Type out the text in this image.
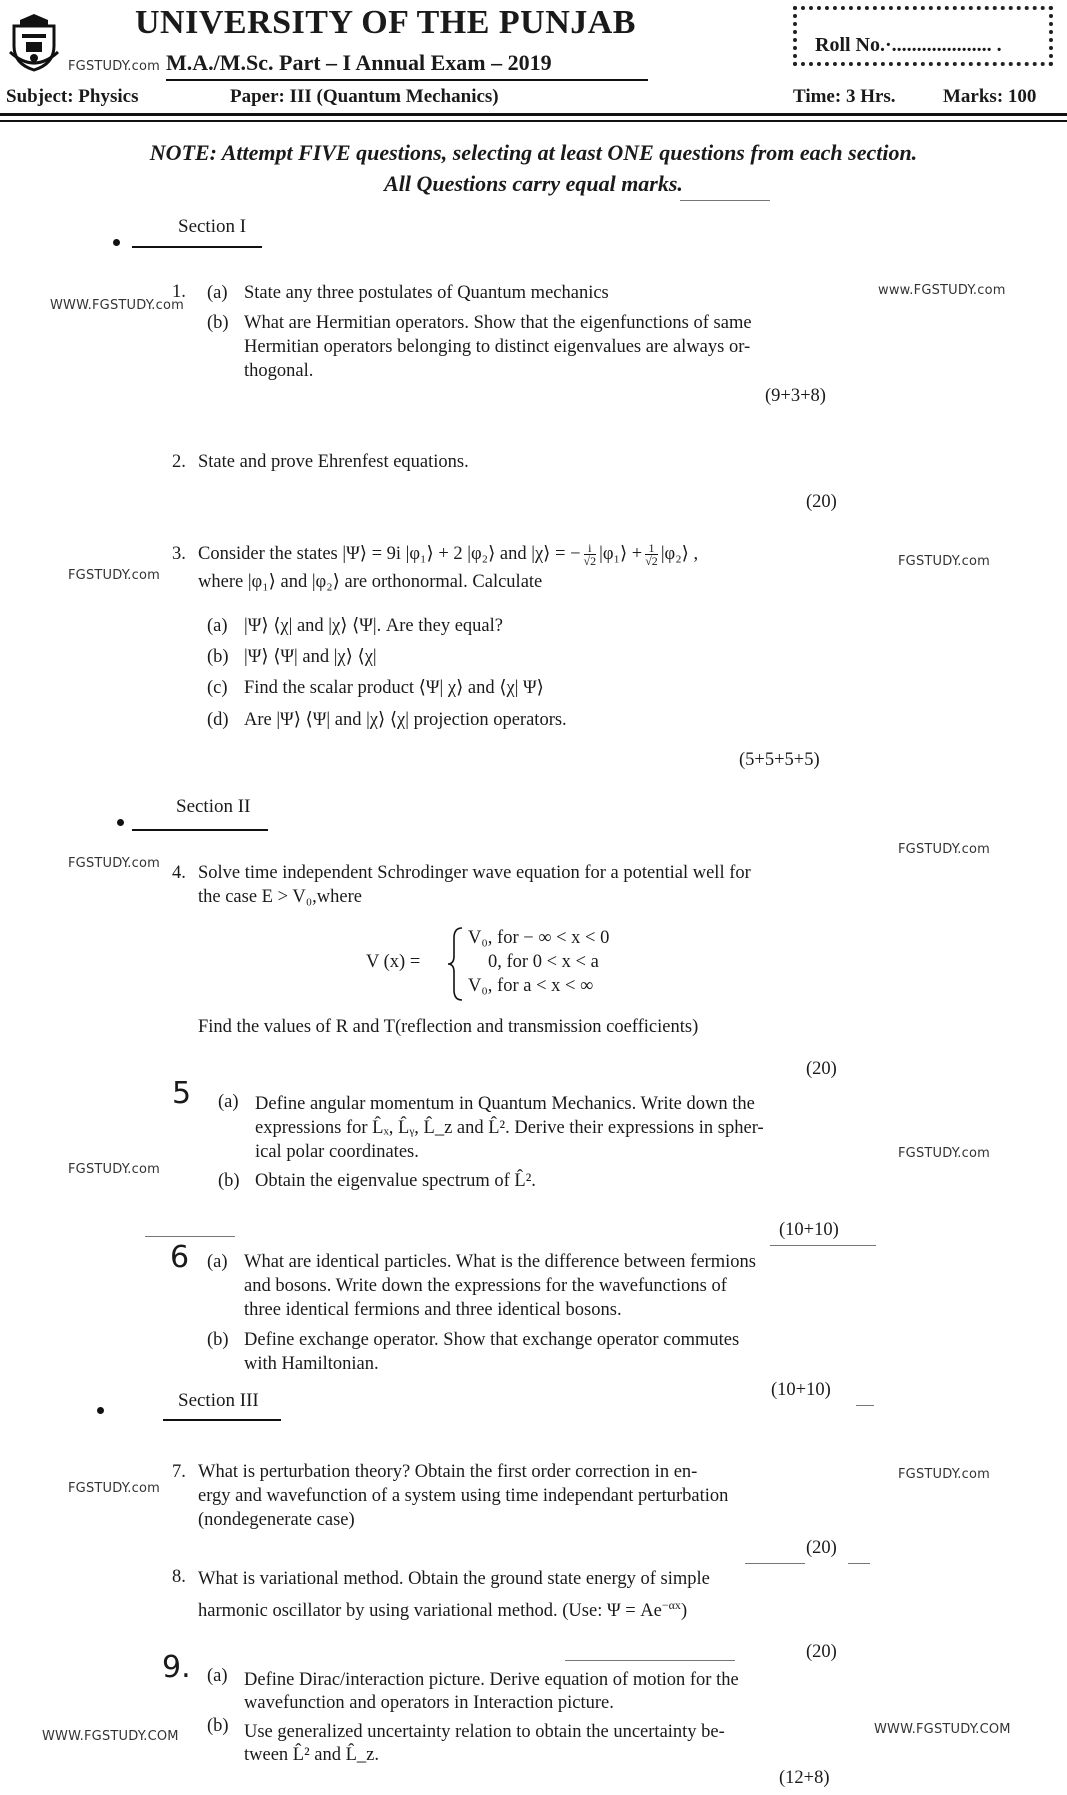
UNIVERSITY OF THE PUNJAB
FGSTUDY.com M.A./M.Sc. Part – I Annual Exam – 2019
Roll No.·.................... .
Subject: Physics	Paper: III (Quantum Mechanics)	Time: 3 Hrs. Marks: 100
NOTE: Attempt FIVE questions, selecting at least ONE questions from each section.
All Questions carry equal marks.
Section I
WWW.FGSTUDY.com
www.FGSTUDY.com
1. (a) State any three postulates of Quantum mechanics
(b) What are Hermitian operators. Show that the eigenfunctions of same
Hermitian operators belonging to distinct eigenvalues are always or-
thogonal.
(9+3+8)
2. State and prove Ehrenfest equations.
(20)
FGSTUDY.com
FGSTUDY.com
3. Consider the states |Ψ⟩ = 9i |φ₁⟩ + 2 |φ₂⟩ and |χ⟩ = − $\frac{i}{√2}$ |φ₁⟩ + $\frac{1}{√2}$ |φ₂⟩ ,
where |φ₁⟩ and |φ₂⟩ are orthonormal. Calculate
(a) |Ψ⟩ ⟨χ| and |χ⟩ ⟨Ψ|. Are they equal?
(b) |Ψ⟩ ⟨Ψ| and |χ⟩ ⟨χ|
(c) Find the scalar product ⟨Ψ| χ⟩ and ⟨χ| Ψ⟩
(d) Are |Ψ⟩ ⟨Ψ| and |χ⟩ ⟨χ| projection operators.
(5+5+5+5)
Section II
FGSTUDY.com
FGSTUDY.com
4. Solve time independent Schrodinger wave equation for a potential well for
the case E > V₀,where
V (x) =
V₀, for − ∞ < x < 0
0, for 0 < x < a
V₀, for a < x < ∞
Find the values of R and T(reflection and transmission coefficients)
(20)
5 (a) Define angular momentum in Quantum Mechanics. Write down the
expressions for L̂ₓ, L̂ᵧ, L̂_z and L̂². Derive their expressions in spher-
ical polar coordinates.
(b) Obtain the eigenvalue spectrum of L̂².
FGSTUDY.com
FGSTUDY.com
(10+10)
6 (a) What are identical particles. What is the difference between fermions
and bosons. Write down the expressions for the wavefunctions of
three identical fermions and three identical bosons.
(b) Define exchange operator. Show that exchange operator commutes
with Hamiltonian.
(10+10)
Section III
FGSTUDY.com
FGSTUDY.com
7. What is perturbation theory? Obtain the first order correction in en-
ergy and wavefunction of a system using time independant perturbation
(nondegenerate case)
(20)
8. What is variational method. Obtain the ground state energy of simple
harmonic oscillator by using variational method. (Use: $\Psi = Ae^{-\alpha x}$)
(20)
9. (a) Define Dirac/interaction picture. Derive equation of motion for the
wavefunction and operators in Interaction picture.
(b) Use generalized uncertainty relation to obtain the uncertainty be-
tween L̂² and L̂_z.
WWW.FGSTUDY.COM	WWW.FGSTUDY.COM
(12+8)
